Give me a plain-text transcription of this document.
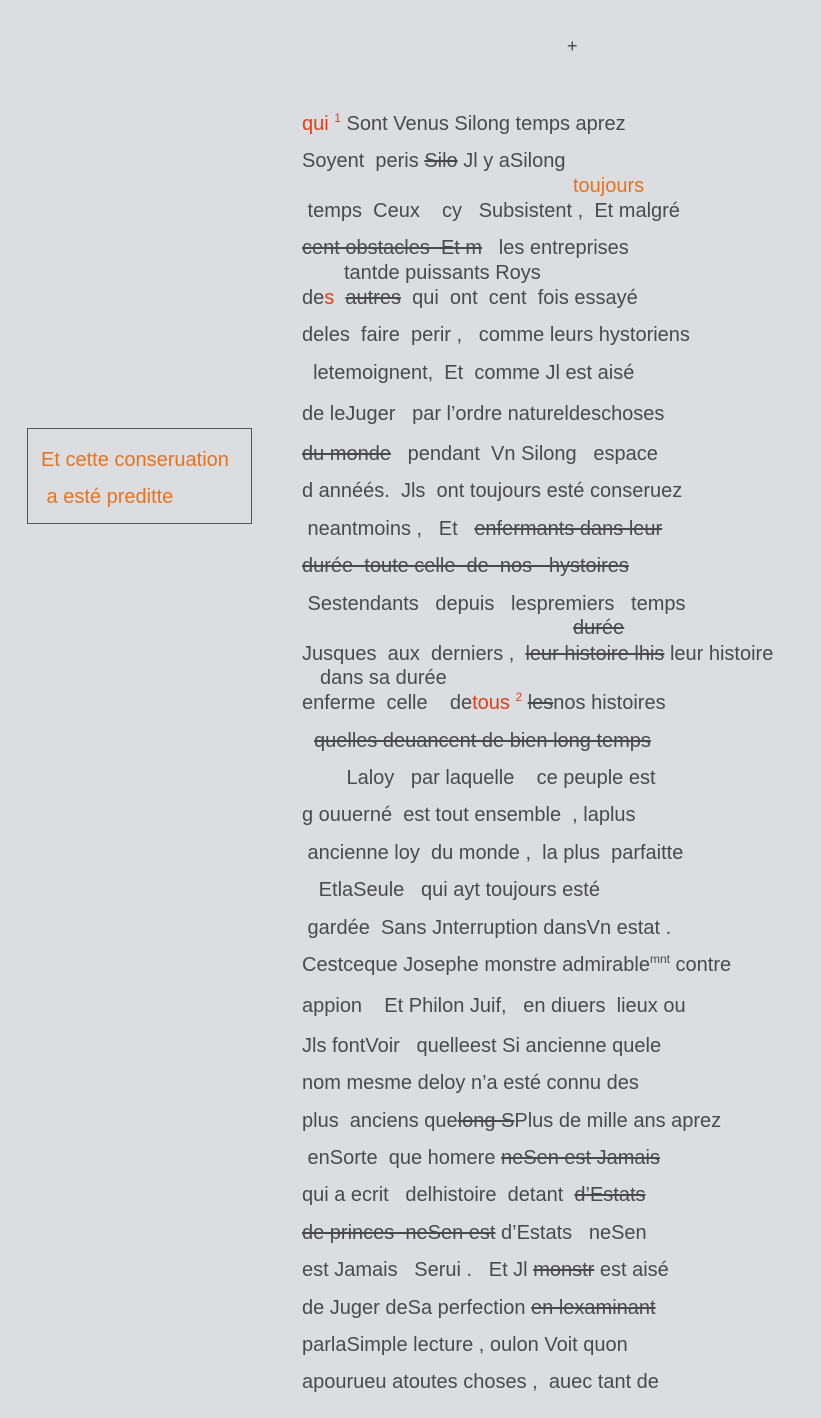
+
Et cette conseruation
a esté preditte
qui $^1$ Sont Venus Silong temps aprez
Soyent  peris Silo Jl y aSilong
toujours
temps  Ceux    cy   Subsistent ,  Et malgré
cent obstacles  Et m   les entreprises
tantde puissants Roys
des autres  qui  ont  cent  fois essayé
deles  faire  perir ,   comme leurs hystoriens
letemoignent,  Et  comme Jl est aisé
de leJuger   par l’ordre natureldeschoses
du monde   pendant  Vn Silong   espace
d annéés.  Jls  ont toujours esté conseruez
neantmoins ,   Et   enfermants dans leur
durée  toute celle  de  nos   hystoires
Sestendants   depuis   lespremiers   temps
durée
Jusques  aux  derniers ,  leur histoire lhis leur histoire
dans sa durée
enferme  celle    detous $^2$ lesnos histoires
quelles deuancent de bien long temps
Laloy   par laquelle    ce peuple est
g ouuerné  est tout ensemble  , laplus
ancienne loy  du monde ,  la plus  parfaitte
EtlaSeule   qui ayt toujours esté
gardée  Sans Jnterruption dansVn estat .
Cestceque Josephe monstre admirable$^{mnt}$ contre
appion    Et Philon Juif,   en diuers  lieux ou
Jls fontVoir   quelleest Si ancienne quele
nom mesme deloy n’a esté connu des
plus  anciens quelong SPlus de mille ans aprez
enSorte  que homere neSen est Jamais
qui a ecrit   delhistoire  detant  d’Estats
de princes  neSen est d’Estats   neSen
est Jamais   Serui .   Et Jl monstr est aisé
de Juger deSa perfection en lexaminant
parlaSimple lecture , oulon Voit quon
apourueu atoutes choses ,  auec tant de
